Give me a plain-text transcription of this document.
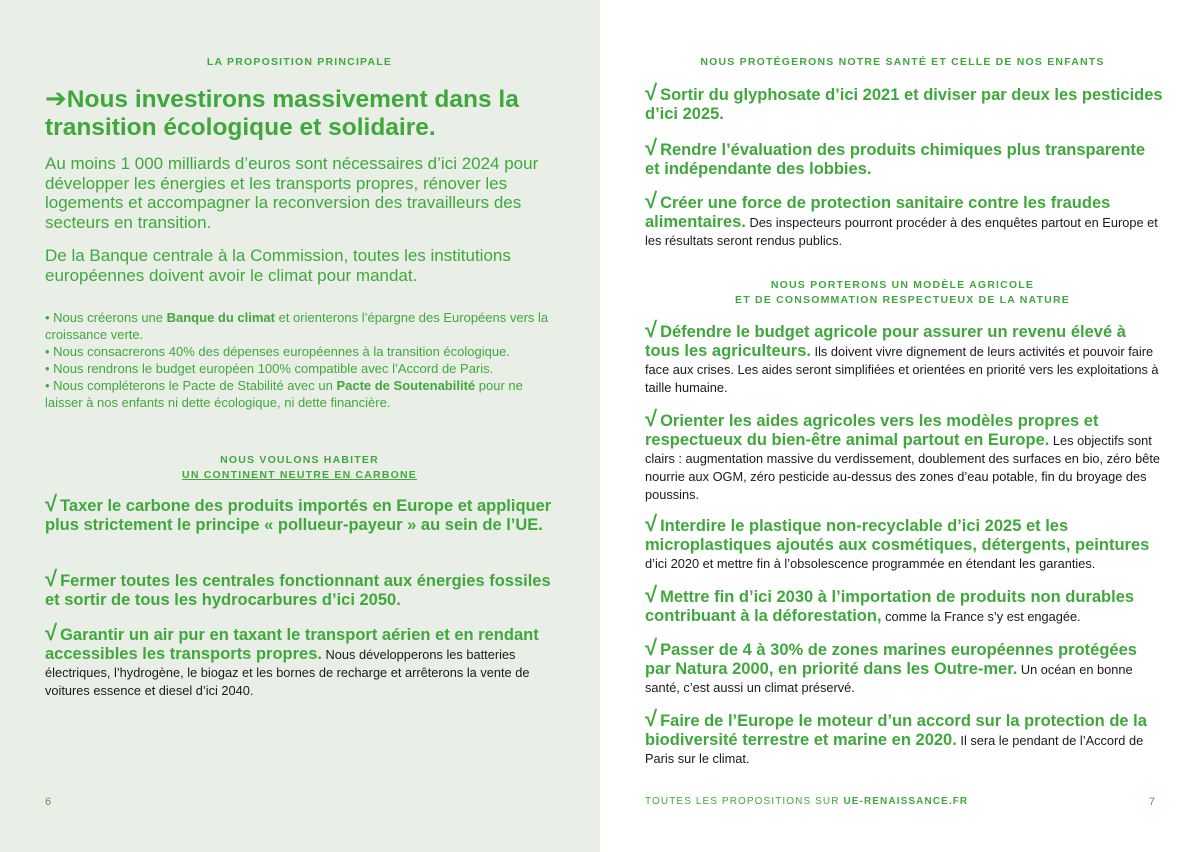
LA PROPOSITION PRINCIPALE
➔Nous investirons massivement dans la transition écologique et solidaire.

Au moins 1 000 milliards d’euros sont nécessaires d’ici 2024 pour développer les énergies et les transports propres, rénover les logements et accompagner la reconversion des travailleurs des secteurs en transition.

De la Banque centrale à la Commission, toutes les institutions européennes doivent avoir le climat pour mandat.

• Nous créerons une Banque du climat et orienterons l’épargne des Européens vers la croissance verte.
• Nous consacrerons 40% des dépenses européennes à la transition écologique.
• Nous rendrons le budget européen 100% compatible avec l’Accord de Paris.
• Nous compléterons le Pacte de Stabilité avec un Pacte de Soutenabilité pour ne laisser à nos enfants ni dette écologique, ni dette financière.
NOUS VOULONS HABITER
UN CONTINENT NEUTRE EN CARBONE
√ Taxer le carbone des produits importés en Europe et appliquer plus strictement le principe « pollueur-payeur » au sein de l’UE.
√ Fermer toutes les centrales fonctionnant aux énergies fossiles et sortir de tous les hydrocarbures d’ici 2050.
√ Garantir un air pur en taxant le transport aérien et en rendant accessibles les transports propres. Nous développerons les batteries électriques, l’hydrogène, le biogaz et les bornes de recharge et arrêterons la vente de voitures essence et diesel d’ici 2040.
6
NOUS PROTÉGERONS NOTRE SANTÉ ET CELLE DE NOS ENFANTS
√ Sortir du glyphosate d’ici 2021 et diviser par deux les pesticides d’ici 2025.
√ Rendre l’évaluation des produits chimiques plus transparente et indépendante des lobbies.
√ Créer une force de protection sanitaire contre les fraudes alimentaires. Des inspecteurs pourront procéder à des enquêtes partout en Europe et les résultats seront rendus publics.
NOUS PORTERONS UN MODÈLE AGRICOLE
ET DE CONSOMMATION RESPECTUEUX DE LA NATURE
√ Défendre le budget agricole pour assurer un revenu élevé à tous les agriculteurs. Ils doivent vivre dignement de leurs activités et pouvoir faire face aux crises. Les aides seront simplifiées et orientées en priorité vers les exploitations à taille humaine.
√ Orienter les aides agricoles vers les modèles propres et respectueux du bien-être animal partout en Europe. Les objectifs sont clairs : augmentation massive du verdissement, doublement des surfaces en bio, zéro bête nourrie aux OGM, zéro pesticide au-dessus des zones d’eau potable, fin du broyage des poussins.
√ Interdire le plastique non-recyclable d’ici 2025 et les microplastiques ajoutés aux cosmétiques, détergents, peintures d’ici 2020 et mettre fin à l’obsolescence programmée en étendant les garanties.
√ Mettre fin d’ici 2030 à l’importation de produits non durables contribuant à la déforestation, comme la France s’y est engagée.
√ Passer de 4 à 30% de zones marines européennes protégées par Natura 2000, en priorité dans les Outre-mer. Un océan en bonne santé, c’est aussi un climat préservé.
√ Faire de l’Europe le moteur d’un accord sur la protection de la biodiversité terrestre et marine en 2020. Il sera le pendant de l’Accord de Paris sur le climat.
TOUTES LES PROPOSITIONS SUR UE-RENAISSANCE.FR	7
